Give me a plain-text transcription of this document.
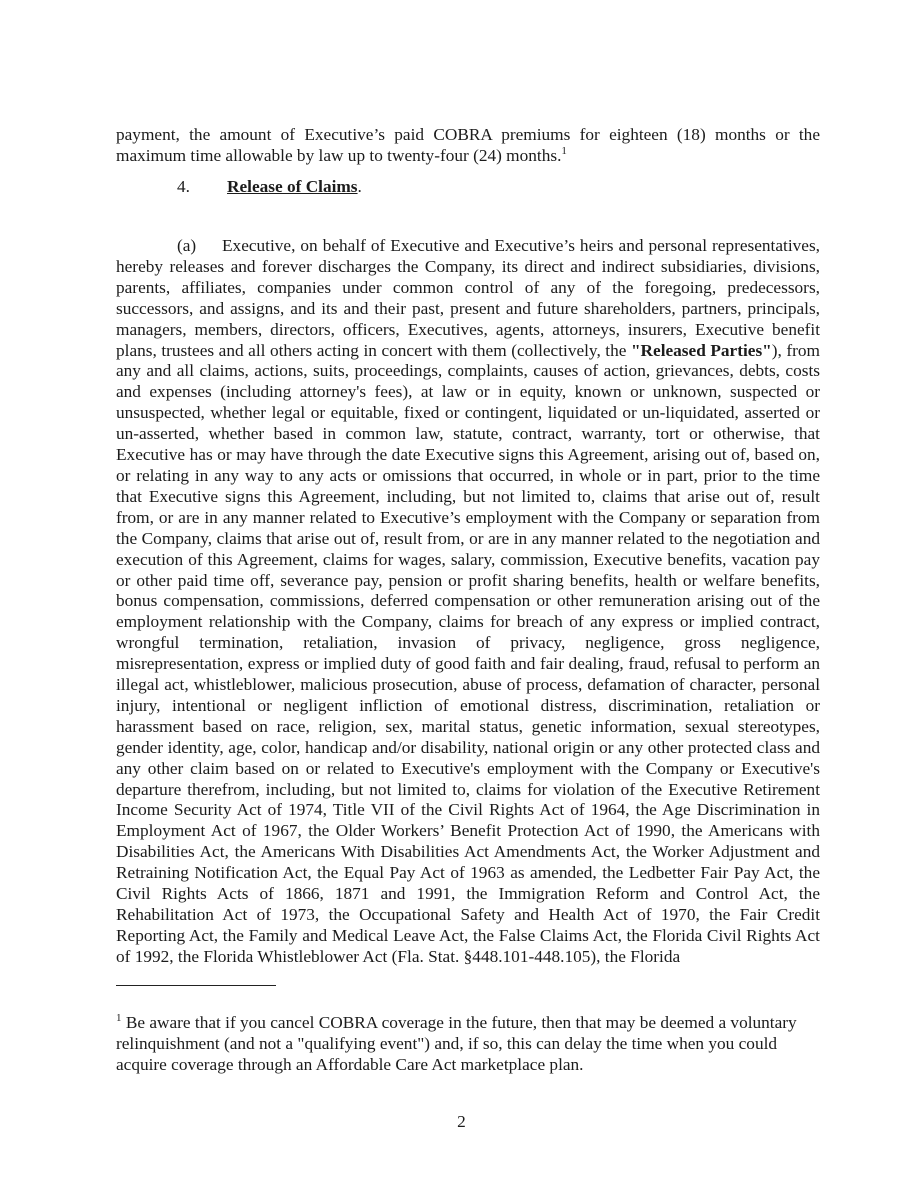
payment, the amount of Executive’s paid COBRA premiums for eighteen (18) months or the maximum time allowable by law up to twenty-four (24) months.$^1$

4. Release of Claims.

(a) Executive, on behalf of Executive and Executive’s heirs and personal representatives, hereby releases and forever discharges the Company, its direct and indirect subsidiaries, divisions, parents, affiliates, companies under common control of any of the foregoing, predecessors, successors, and assigns, and its and their past, present and future shareholders, partners, principals, managers, members, directors, officers, Executives, agents, attorneys, insurers, Executive benefit plans, trustees and all others acting in concert with them (collectively, the "Released Parties"), from any and all claims, actions, suits, proceedings, complaints, causes of action, grievances, debts, costs and expenses (including attorney's fees), at law or in equity, known or unknown, suspected or unsuspected, whether legal or equitable, fixed or contingent, liquidated or un-liquidated, asserted or un-asserted, whether based in common law, statute, contract, warranty, tort or otherwise, that Executive has or may have through the date Executive signs this Agreement, arising out of, based on, or relating in any way to any acts or omissions that occurred, in whole or in part, prior to the time that Executive signs this Agreement, including, but not limited to, claims that arise out of, result from, or are in any manner related to Executive’s employment with the Company or separation from the Company, claims that arise out of, result from, or are in any manner related to the negotiation and execution of this Agreement, claims for wages, salary, commission, Executive benefits, vacation pay or other paid time off, severance pay, pension or profit sharing benefits, health or welfare benefits, bonus compensation, commissions, deferred compensation or other remuneration arising out of the employment relationship with the Company, claims for breach of any express or implied contract, wrongful termination, retaliation, invasion of privacy, negligence, gross negligence, misrepresentation, express or implied duty of good faith and fair dealing, fraud, refusal to perform an illegal act, whistleblower, malicious prosecution, abuse of process, defamation of character, personal injury, intentional or negligent infliction of emotional distress, discrimination, retaliation or harassment based on race, religion, sex, marital status, genetic information, sexual stereotypes, gender identity, age, color, handicap and/or disability, national origin or any other protected class and any other claim based on or related to Executive's employment with the Company or Executive's departure therefrom, including, but not limited to, claims for violation of the Executive Retirement Income Security Act of 1974, Title VII of the Civil Rights Act of 1964, the Age Discrimination in Employment Act of 1967, the Older Workers’ Benefit Protection Act of 1990, the Americans with Disabilities Act, the Americans With Disabilities Act Amendments Act, the Worker Adjustment and Retraining Notification Act, the Equal Pay Act of 1963 as amended, the Ledbetter Fair Pay Act, the Civil Rights Acts of 1866, 1871 and 1991, the Immigration Reform and Control Act, the Rehabilitation Act of 1973, the Occupational Safety and Health Act of 1970, the Fair Credit Reporting Act, the Family and Medical Leave Act, the False Claims Act, the Florida Civil Rights Act of 1992, the Florida Whistleblower Act (Fla. Stat. §448.101-448.105), the Florida

$^1$ Be aware that if you cancel COBRA coverage in the future, then that may be deemed a voluntary relinquishment (and not a "qualifying event") and, if so, this can delay the time when you could acquire coverage through an Affordable Care Act marketplace plan.

2
